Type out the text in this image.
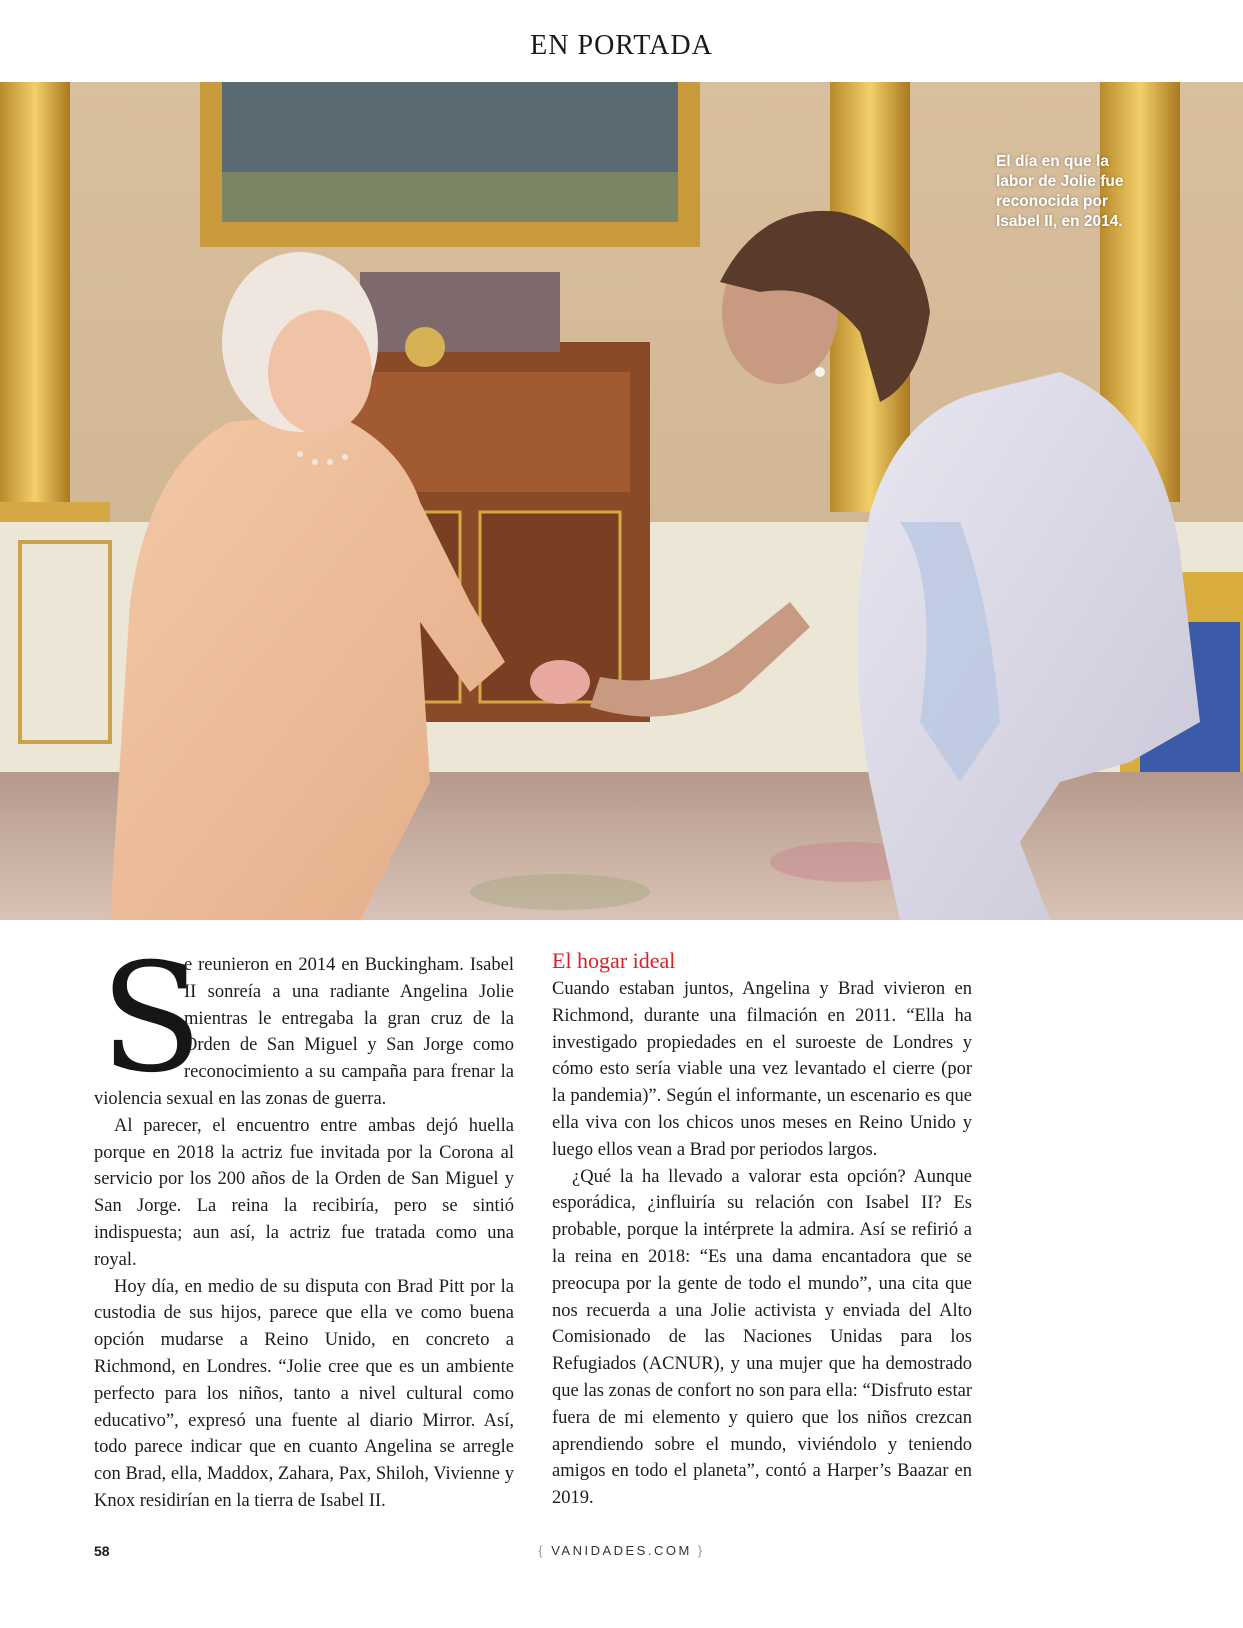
EN PORTADA
El día en que la labor de Jolie fue reconocida por Isabel II, en 2014.
S

e reunieron en 2014 en Buckingham. Isabel II sonreía a una radiante Angelina Jolie mientras le entregaba la gran cruz de la Orden de San Miguel y San Jorge como reconocimiento a su campaña para frenar la violencia sexual en las zonas de guerra.

Al parecer, el encuentro entre ambas dejó huella porque en 2018 la actriz fue invitada por la Corona al servicio por los 200 años de la Orden de San Miguel y San Jorge. La reina la recibiría, pero se sintió indispuesta; aun así, la actriz fue tratada como una royal.

Hoy día, en medio de su disputa con Brad Pitt por la custodia de sus hijos, parece que ella ve como buena opción mudarse a Reino Unido, en concreto a Richmond, en Londres. “Jolie cree que es un ambiente perfecto para los niños, tanto a nivel cultural como educativo”, expresó una fuente al diario Mirror. Así, todo parece indicar que en cuanto Angelina se arregle con Brad, ella, Maddox, Zahara, Pax, Shiloh, Vivienne y Knox residirían en la tierra de Isabel II.

El hogar ideal

Cuando estaban juntos, Angelina y Brad vivieron en Richmond, durante una filmación en 2011. “Ella ha investigado propiedades en el suroeste de Londres y cómo esto sería viable una vez levantado el cierre (por la pandemia)”. Según el informante, un escenario es que ella viva con los chicos unos meses en Reino Unido y luego ellos vean a Brad por periodos largos.

¿Qué la ha llevado a valorar esta opción? Aunque esporádica, ¿influiría su relación con Isabel II? Es probable, porque la intérprete la admira. Así se refirió a la reina en 2018: “Es una dama encantadora que se preocupa por la gente de todo el mundo”, una cita que nos recuerda a una Jolie activista y enviada del Alto Comisionado de las Naciones Unidas para los Refugiados (ACNUR), y una mujer que ha demostrado que las zonas de confort no son para ella: “Disfruto estar fuera de mi elemento y quiero que los niños crezcan aprendiendo sobre el mundo, viviéndolo y teniendo amigos en todo el planeta”, contó a Harper’s Baazar en 2019.

58	{ VANIDADES.COM }
